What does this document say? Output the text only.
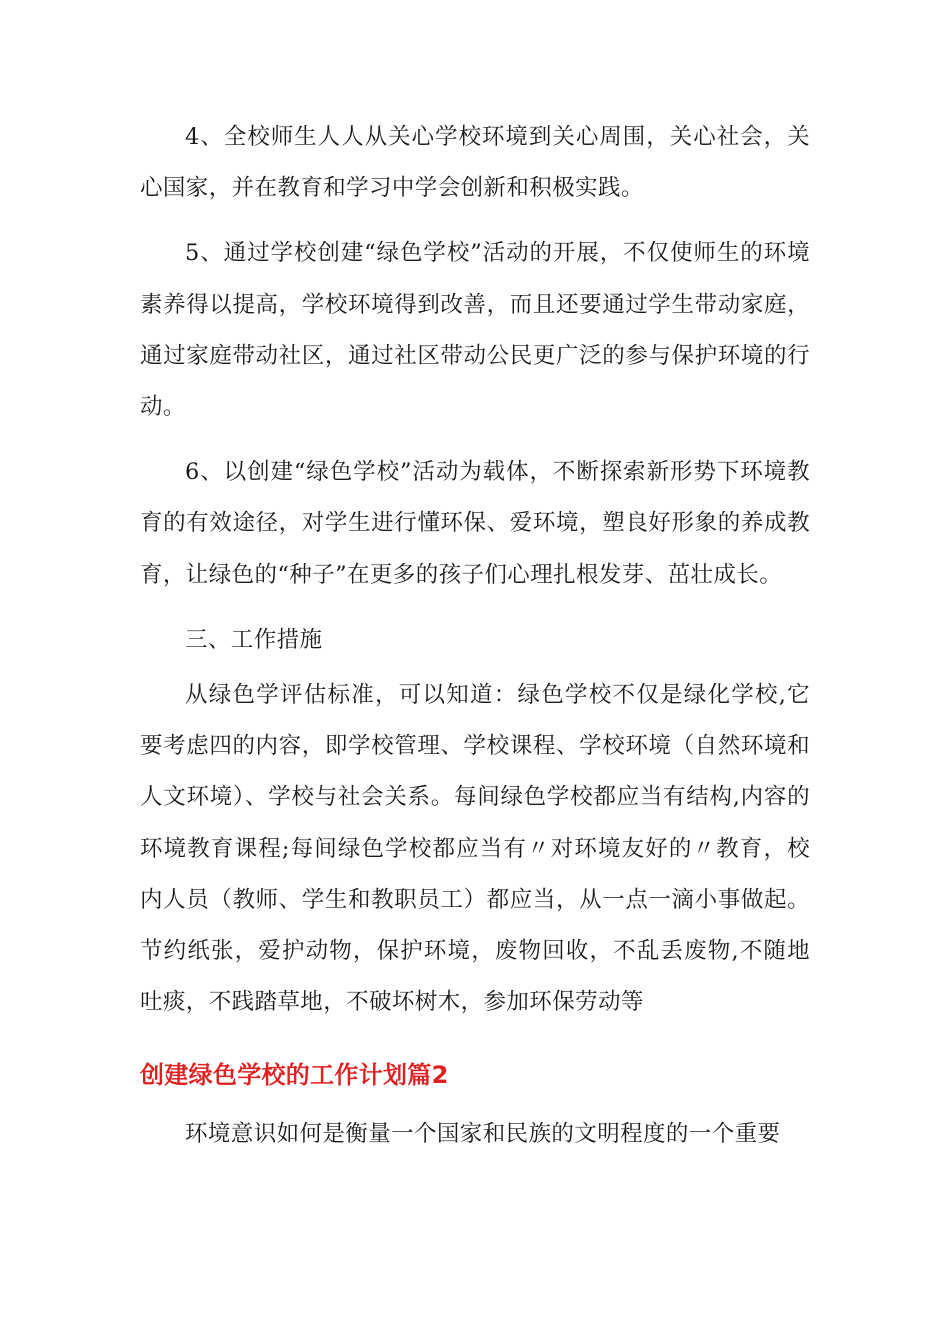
4、全校师生人人从关心学校环境到关心周围，关心社会，关心国家，并在教育和学习中学会创新和积极实践。

5、通过学校创建“绿色学校”活动的开展，不仅使师生的环境素养得以提高，学校环境得到改善，而且还要通过学生带动家庭，通过家庭带动社区，通过社区带动公民更广泛的参与保护环境的行动。

6、以创建“绿色学校”活动为载体，不断探索新形势下环境教育的有效途径，对学生进行懂环保、爱环境，塑良好形象的养成教育，让绿色的“种子”在更多的孩子们心理扎根发芽、茁壮成长。

三、工作措施

从绿色学评估标准，可以知道：绿色学校不仅是绿化学校,它要考虑四的内容，即学校管理、学校课程、学校环境（自然环境和人文环境）、学校与社会关系。每间绿色学校都应当有结构,内容的环境教育课程;每间绿色学校都应当有〃对环境友好的〃教育，校内人员（教师、学生和教职员工）都应当，从一点一滴小事做起。节约纸张，爱护动物，保护环境，废物回收，不乱丢废物,不随地吐痰，不践踏草地，不破坏树木，参加环保劳动等

创建绿色学校的工作计划篇2

环境意识如何是衡量一个国家和民族的文明程度的一个重要
